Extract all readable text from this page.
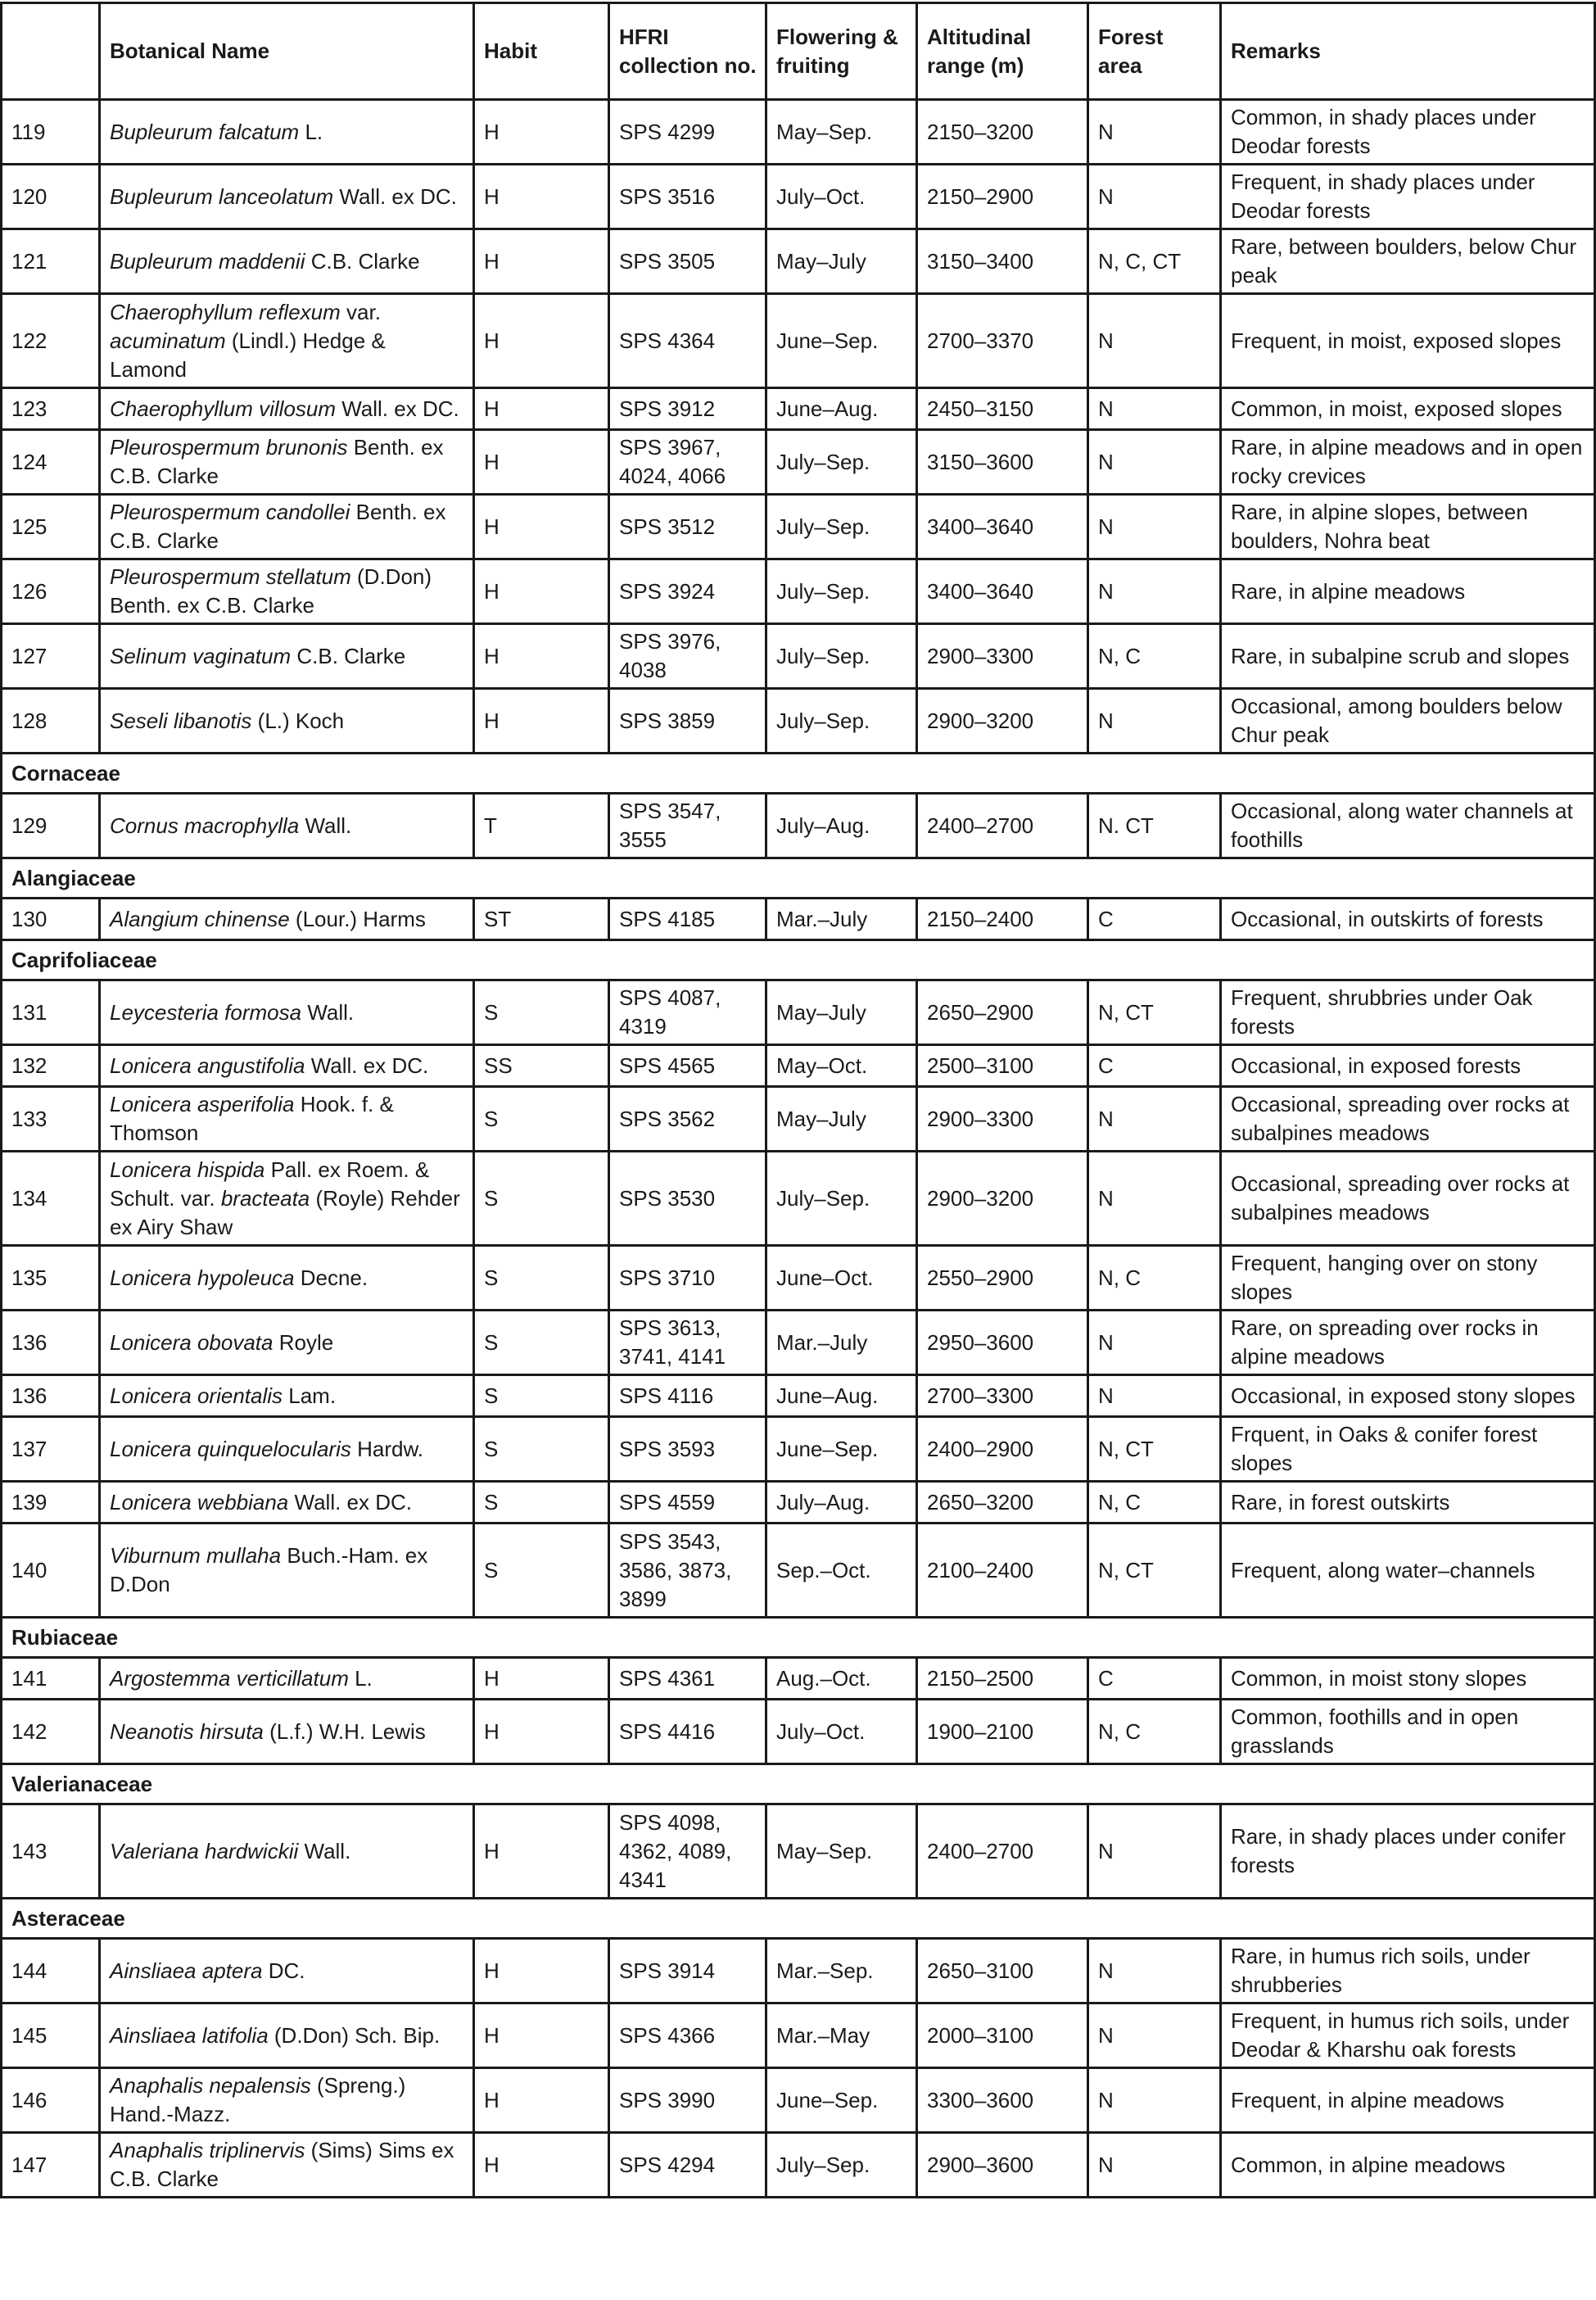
	Botanical Name	Habit	HFRI collection no.	Flowering & fruiting	Altitudinal range (m)	Forest area	Remarks
119	Bupleurum falcatum L.	H	SPS 4299	May–Sep.	2150–3200	N	Common, in shady places under Deodar forests
120	Bupleurum lanceolatum Wall. ex DC.	H	SPS 3516	July–Oct.	2150–2900	N	Frequent, in shady places under Deodar forests
121	Bupleurum maddenii C.B. Clarke	H	SPS 3505	May–July	3150–3400	N, C, CT	Rare, between boulders, below Chur peak
122	Chaerophyllum reflexum var. acuminatum (Lindl.) Hedge & Lamond	H	SPS 4364	June–Sep.	2700–3370	N	Frequent, in moist, exposed slopes
123	Chaerophyllum villosum Wall. ex DC.	H	SPS 3912	June–Aug.	2450–3150	N	Common, in moist, exposed slopes
124	Pleurospermum brunonis Benth. ex C.B. Clarke	H	SPS 3967, 4024, 4066	July–Sep.	3150–3600	N	Rare, in alpine meadows and in open rocky crevices
125	Pleurospermum candollei Benth. ex C.B. Clarke	H	SPS 3512	July–Sep.	3400–3640	N	Rare, in alpine slopes, between boulders, Nohra beat
126	Pleurospermum stellatum (D.Don) Benth. ex C.B. Clarke	H	SPS 3924	July–Sep.	3400–3640	N	Rare, in alpine meadows
127	Selinum vaginatum C.B. Clarke	H	SPS 3976, 4038	July–Sep.	2900–3300	N, C	Rare, in subalpine scrub and slopes
128	Seseli libanotis (L.) Koch	H	SPS 3859	July–Sep.	2900–3200	N	Occasional, among boulders below Chur peak
Cornaceae							
129	Cornus macrophylla Wall.	T	SPS 3547, 3555	July–Aug.	2400–2700	N. CT	Occasional, along water channels at foothills
Alangiaceae							
130	Alangium chinense (Lour.) Harms	ST	SPS 4185	Mar.–July	2150–2400	C	Occasional, in outskirts of forests
Caprifoliaceae							
131	Leycesteria formosa Wall.	S	SPS 4087, 4319	May–July	2650–2900	N, CT	Frequent, shrubbries under Oak forests
132	Lonicera angustifolia Wall. ex DC.	SS	SPS 4565	May–Oct.	2500–3100	C	Occasional, in exposed forests
133	Lonicera asperifolia Hook. f. & Thomson	S	SPS 3562	May–July	2900–3300	N	Occasional, spreading over rocks at subalpines meadows
134	Lonicera hispida Pall. ex Roem. & Schult. var. bracteata (Royle) Rehder ex Airy Shaw	S	SPS 3530	July–Sep.	2900–3200	N	Occasional, spreading over rocks at subalpines meadows
135	Lonicera hypoleuca Decne.	S	SPS 3710	June–Oct.	2550–2900	N, C	Frequent, hanging over on stony slopes
136	Lonicera obovata Royle	S	SPS 3613, 3741, 4141	Mar.–July	2950–3600	N	Rare, on spreading over rocks in alpine meadows
136	Lonicera orientalis Lam.	S	SPS 4116	June–Aug.	2700–3300	N	Occasional, in exposed stony slopes
137	Lonicera quinquelocularis Hardw.	S	SPS 3593	June–Sep.	2400–2900	N, CT	Frquent, in Oaks & conifer forest slopes
139	Lonicera webbiana Wall. ex DC.	S	SPS 4559	July–Aug.	2650–3200	N, C	Rare, in forest outskirts
140	Viburnum mullaha Buch.-Ham. ex D.Don	S	SPS 3543, 3586, 3873, 3899	Sep.–Oct.	2100–2400	N, CT	Frequent, along water–channels
Rubiaceae							
141	Argostemma verticillatum L.	H	SPS 4361	Aug.–Oct.	2150–2500	C	Common, in moist stony slopes
142	Neanotis hirsuta (L.f.) W.H. Lewis	H	SPS 4416	July–Oct.	1900–2100	N, C	Common, foothills and in open grasslands
Valerianaceae							
143	Valeriana hardwickii Wall.	H	SPS 4098, 4362, 4089, 4341	May–Sep.	2400–2700	N	Rare, in shady places under conifer forests
Asteraceae							
144	Ainsliaea aptera DC.	H	SPS 3914	Mar.–Sep.	2650–3100	N	Rare, in humus rich soils, under shrubberies
145	Ainsliaea latifolia (D.Don) Sch. Bip.	H	SPS 4366	Mar.–May	2000–3100	N	Frequent, in humus rich soils, under Deodar & Kharshu oak forests
146	Anaphalis nepalensis (Spreng.) Hand.-Mazz.	H	SPS 3990	June–Sep.	3300–3600	N	Frequent, in alpine meadows
147	Anaphalis triplinervis (Sims) Sims ex C.B. Clarke	H	SPS 4294	July–Sep.	2900–3600	N	Common, in alpine meadows
